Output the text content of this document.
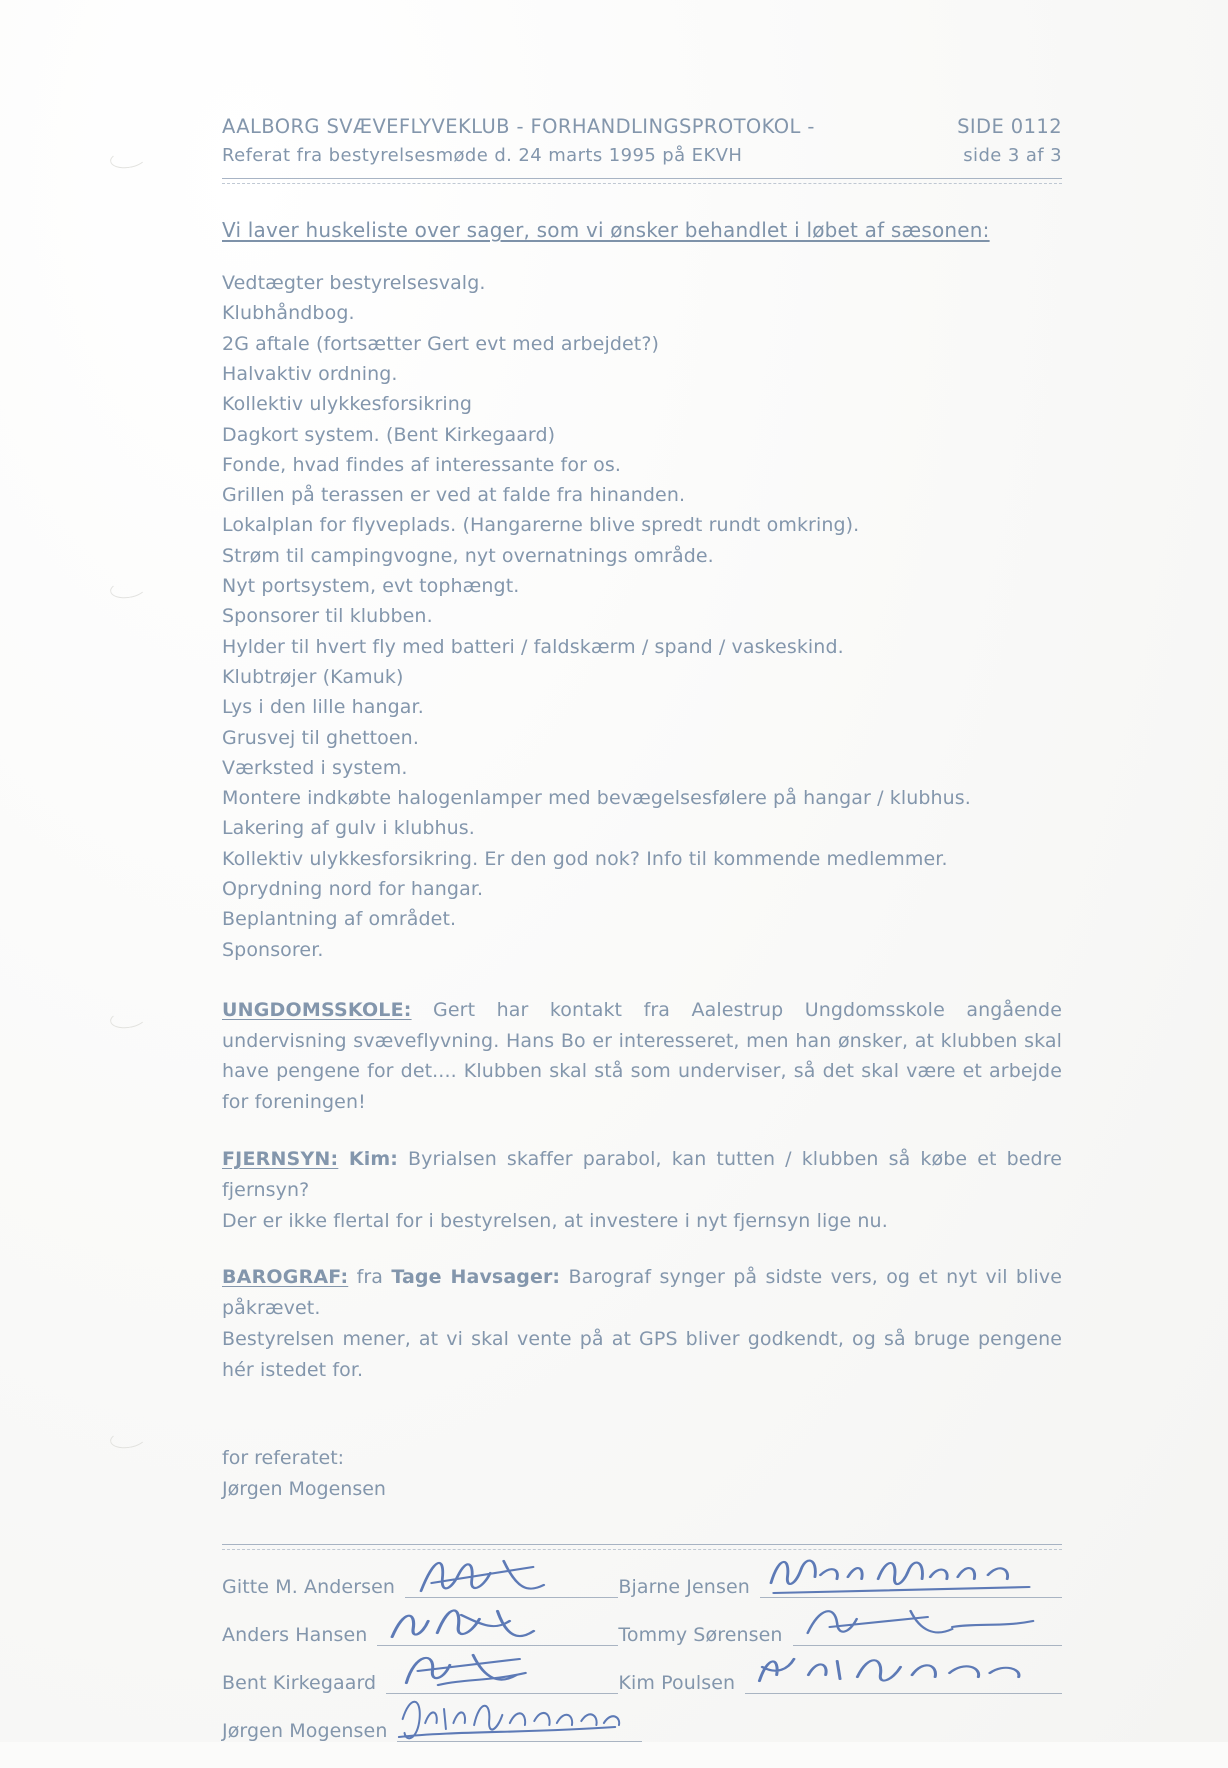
AALBORG SVÆVEFLYVEKLUB - FORHANDLINGSPROTOKOL -
Referat fra bestyrelsesmøde d. 24 marts 1995 på EKVH
SIDE 0112
side 3 af 3
Vi laver huskeliste over sager, som vi ønsker behandlet i løbet af sæsonen:
Vedtægter bestyrelsesvalg.
Klubhåndbog.
2G aftale (fortsætter Gert evt med arbejdet?)
Halvaktiv ordning.
Kollektiv ulykkesforsikring
Dagkort system. (Bent Kirkegaard)
Fonde, hvad findes af interessante for os.
Grillen på terassen er ved at falde fra hinanden.
Lokalplan for flyveplads. (Hangarerne blive spredt rundt omkring).
Strøm til campingvogne, nyt overnatnings område.
Nyt portsystem, evt tophængt.
Sponsorer til klubben.
Hylder til hvert fly med batteri / faldskærm / spand / vaskeskind.
Klubtrøjer (Kamuk)
Lys i den lille hangar.
Grusvej til ghettoen.
Værksted i system.
Montere indkøbte halogenlamper med bevægelsesfølere på hangar / klubhus.
Lakering af gulv i klubhus.
Kollektiv ulykkesforsikring. Er den god nok? Info til kommende medlemmer.
Oprydning nord for hangar.
Beplantning af området.
Sponsorer.
UNGDOMSSKOLE: Gert har kontakt fra Aalestrup Ungdomsskole angående undervisning svæveflyvning. Hans Bo er interesseret, men han ønsker, at klubben skal have pengene for det.... Klubben skal stå som underviser, så det skal være et arbejde for foreningen!
FJERNSYN: Kim: Byrialsen skaffer parabol, kan tutten / klubben så købe et bedre fjernsyn?
Der er ikke flertal for i bestyrelsen, at investere i nyt fjernsyn lige nu.
BAROGRAF: fra Tage Havsager: Barograf synger på sidste vers, og et nyt vil blive påkrævet.
Bestyrelsen mener, at vi skal vente på at GPS bliver godkendt, og så bruge pengene hér istedet for.
for referatet:
Jørgen Mogensen
Gitte M. Andersen	Bjarne Jensen
Anders Hansen	Tommy Sørensen
Bent Kirkegaard	Kim Poulsen
Jørgen Mogensen
